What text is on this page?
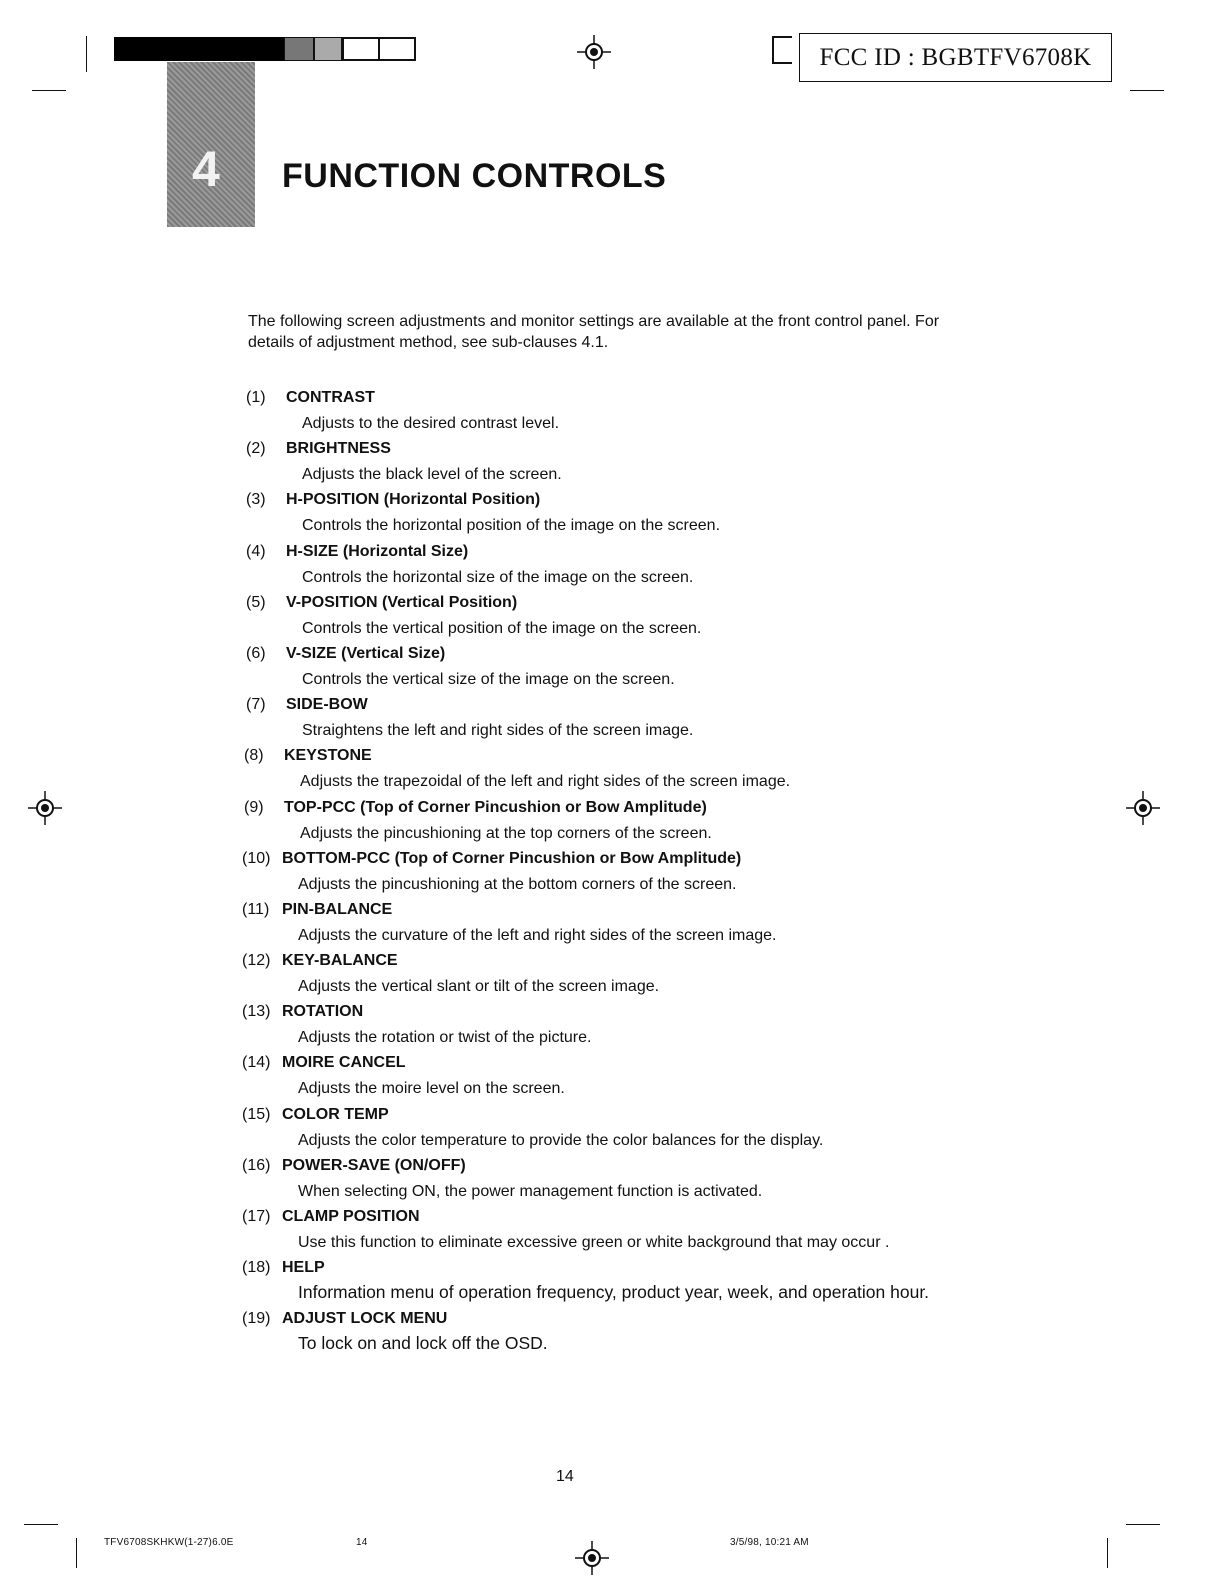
FCC ID : BGBTFV6708K
4 FUNCTION CONTROLS
The following screen adjustments and monitor settings are available at the front control panel. For details of adjustment method, see sub-clauses 4.1.
(1) CONTRAST
Adjusts to the desired contrast level.
(2) BRIGHTNESS
Adjusts the black level of the screen.
(3) H-POSITION (Horizontal Position)
Controls the horizontal position of the image on the screen.
(4) H-SIZE (Horizontal Size)
Controls the horizontal size of the image on the screen.
(5) V-POSITION (Vertical Position)
Controls the vertical position of the image on the screen.
(6) V-SIZE (Vertical Size)
Controls the vertical size of the image on the screen.
(7) SIDE-BOW
Straightens the left and right sides of the screen image.
(8) KEYSTONE
Adjusts the trapezoidal of the left and right sides of the screen image.
(9) TOP-PCC (Top of Corner Pincushion or Bow Amplitude)
Adjusts the pincushioning at the top corners of the screen.
(10) BOTTOM-PCC (Top of Corner Pincushion or Bow Amplitude)
Adjusts the pincushioning at the bottom corners of the screen.
(11) PIN-BALANCE
Adjusts the curvature of the left and right sides of the screen image.
(12) KEY-BALANCE
Adjusts the vertical slant or tilt of the screen image.
(13) ROTATION
Adjusts the rotation or twist of the picture.
(14) MOIRE CANCEL
Adjusts the moire level on the screen.
(15) COLOR TEMP
Adjusts the color temperature to provide the color balances for the display.
(16) POWER-SAVE (ON/OFF)
When selecting ON, the power management function is activated.
(17) CLAMP POSITION
Use this function to eliminate excessive green or white background that may occur .
(18) HELP
Information menu of operation frequency, product year, week, and operation hour.
(19) ADJUST LOCK MENU
To lock on and lock off the OSD.
14
TFV6708SKHKW(1-27)6.0E	14	3/5/98, 10:21 AM
